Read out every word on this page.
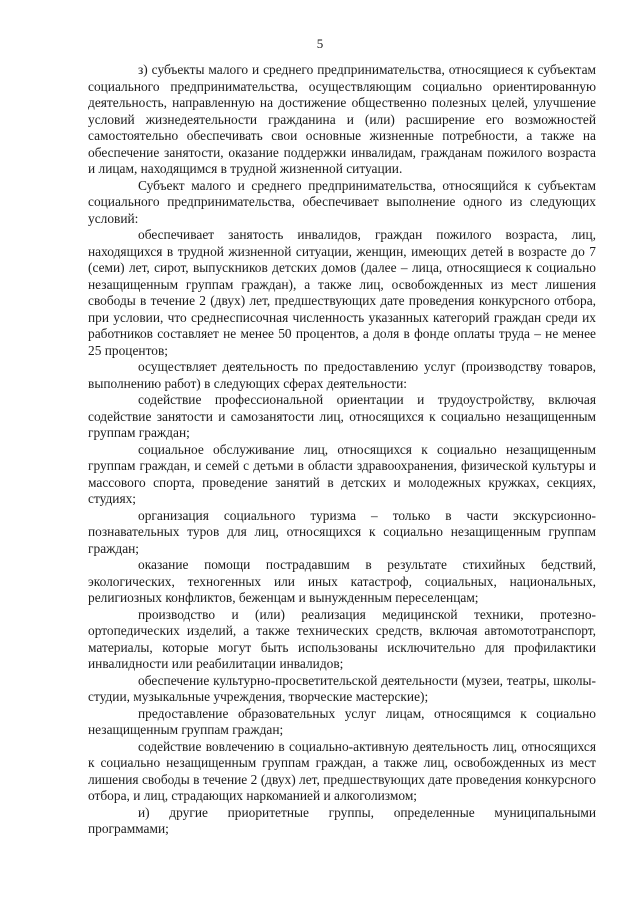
5

з) субъекты малого и среднего предпринимательства, относящиеся к субъектам социального предпринимательства, осуществляющим социально ориентированную деятельность, направленную на достижение общественно полезных целей, улучшение условий жизнедеятельности гражданина и (или) расширение его возможностей самостоятельно обеспечивать свои основные жизненные потребности, а также на обеспечение занятости, оказание поддержки инвалидам, гражданам пожилого возраста и лицам, находящимся в трудной жизненной ситуации.

Субъект малого и среднего предпринимательства, относящийся к субъектам социального предпринимательства, обеспечивает выполнение одного из следующих условий:

обеспечивает занятость инвалидов, граждан пожилого возраста, лиц, находящихся в трудной жизненной ситуации, женщин, имеющих детей в возрасте до 7 (семи) лет, сирот, выпускников детских домов (далее – лица, относящиеся к социально незащищенным группам граждан), а также лиц, освобожденных из мест лишения свободы в течение 2 (двух) лет, предшествующих дате проведения конкурсного отбора, при условии, что среднесписочная численность указанных категорий граждан среди их работников составляет не менее 50 процентов, а доля в фонде оплаты труда – не менее 25 процентов;

осуществляет деятельность по предоставлению услуг (производству товаров, выполнению работ) в следующих сферах деятельности:

содействие профессиональной ориентации и трудоустройству, включая содействие занятости и самозанятости лиц, относящихся к социально незащищенным группам граждан;

социальное обслуживание лиц, относящихся к социально незащищенным группам граждан, и семей с детьми в области здравоохранения, физической культуры и массового спорта, проведение занятий в детских и молодежных кружках, секциях, студиях;

организация социального туризма – только в части экскурсионно-познавательных туров для лиц, относящихся к социально незащищенным группам граждан;

оказание помощи пострадавшим в результате стихийных бедствий, экологических, техногенных или иных катастроф, социальных, национальных, религиозных конфликтов, беженцам и вынужденным переселенцам;

производство и (или) реализация медицинской техники, протезно-ортопедических изделий, а также технических средств, включая автомототранспорт, материалы, которые могут быть использованы исключительно для профилактики инвалидности или реабилитации инвалидов;

обеспечение культурно-просветительской деятельности (музеи, театры, школы-студии, музыкальные учреждения, творческие мастерские);

предоставление образовательных услуг лицам, относящимся к социально незащищенным группам граждан;

содействие вовлечению в социально-активную деятельность лиц, относящихся к социально незащищенным группам граждан, а также лиц, освобожденных из мест лишения свободы в течение 2 (двух) лет, предшествующих дате проведения конкурсного отбора, и лиц, страдающих наркоманией и алкоголизмом;

и) другие приоритетные группы, определенные муниципальными программами;
